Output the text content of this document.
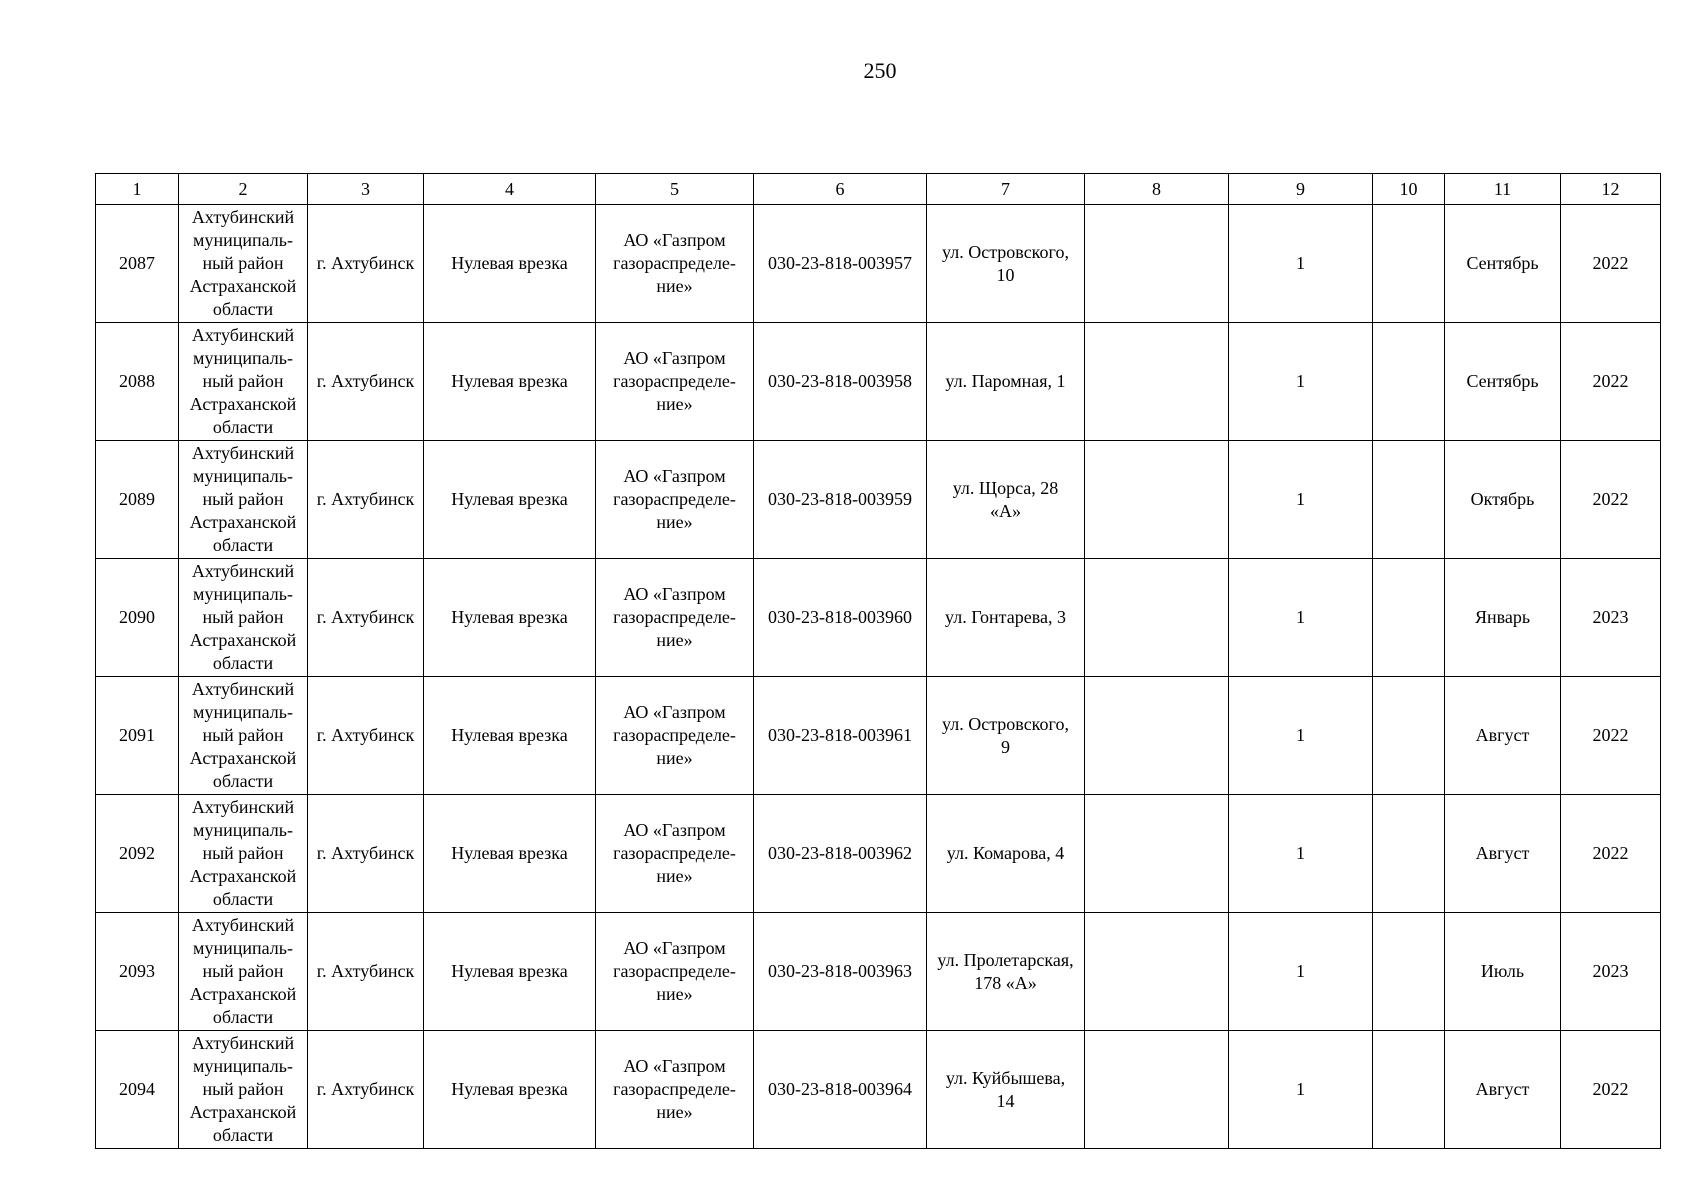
250
1	2	3	4	5	6	7	8	9	10	11	12

2087	Ахтубинский
муниципаль-
ный район
Астраханской
области	г. Ахтубинск	Нулевая врезка	АО «Газпром
газораспределе-
ние»	030-23-818-003957	ул. Островского,
10		1		Сентябрь	2022

2088	Ахтубинский
муниципаль-
ный район
Астраханской
области	г. Ахтубинск	Нулевая врезка	АО «Газпром
газораспределе-
ние»	030-23-818-003958	ул. Паромная, 1		1		Сентябрь	2022

2089	Ахтубинский
муниципаль-
ный район
Астраханской
области	г. Ахтубинск	Нулевая врезка	АО «Газпром
газораспределе-
ние»	030-23-818-003959	ул. Щорса, 28
«А»		1		Октябрь	2022

2090	Ахтубинский
муниципаль-
ный район
Астраханской
области	г. Ахтубинск	Нулевая врезка	АО «Газпром
газораспределе-
ние»	030-23-818-003960	ул. Гонтарева, 3		1		Январь	2023

2091	Ахтубинский
муниципаль-
ный район
Астраханской
области	г. Ахтубинск	Нулевая врезка	АО «Газпром
газораспределе-
ние»	030-23-818-003961	ул. Островского,
9		1		Август	2022

2092	Ахтубинский
муниципаль-
ный район
Астраханской
области	г. Ахтубинск	Нулевая врезка	АО «Газпром
газораспределе-
ние»	030-23-818-003962	ул. Комарова, 4		1		Август	2022

2093	Ахтубинский
муниципаль-
ный район
Астраханской
области	г. Ахтубинск	Нулевая врезка	АО «Газпром
газораспределе-
ние»	030-23-818-003963	ул. Пролетарская,
178 «А»		1		Июль	2023

2094	Ахтубинский
муниципаль-
ный район
Астраханской
области	г. Ахтубинск	Нулевая врезка	АО «Газпром
газораспределе-
ние»	030-23-818-003964	ул. Куйбышева,
14		1		Август	2022
